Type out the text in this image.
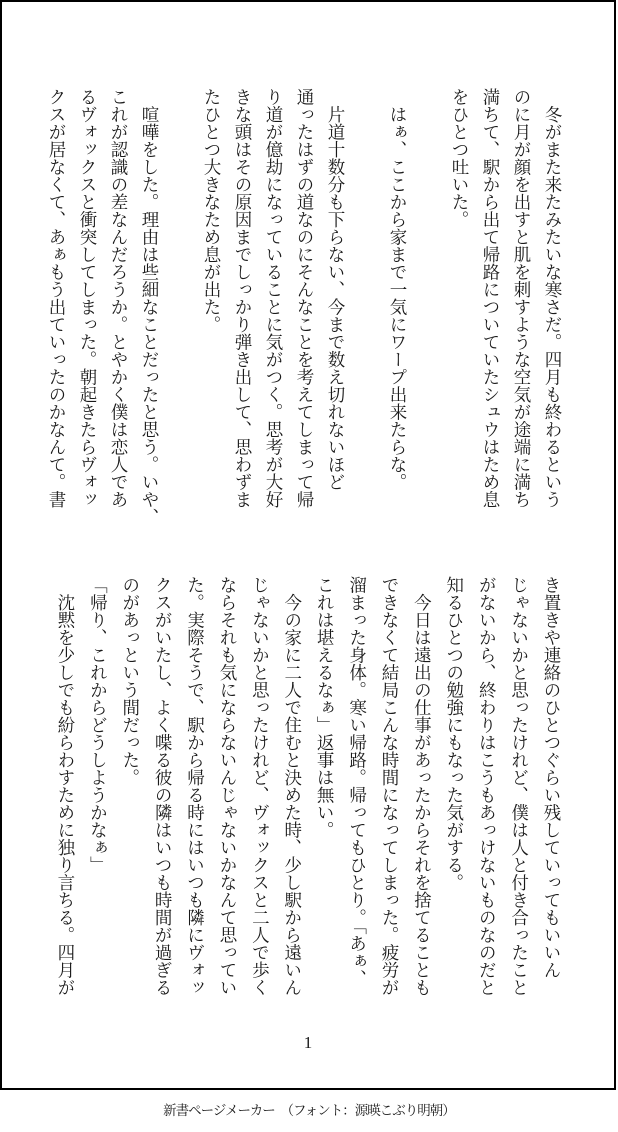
　冬がまた来たみたいな寒さだ。四月も終わるという

のに月が顔を出すと肌を刺すような空気が途端に満ち

満ちて、駅から出て帰路についていたシュウはため息

をひとつ吐いた。

　はぁ、ここから家まで一気にワープ出来たらな。

　片道十数分も下らない、今まで数え切れないほど

通ったはずの道なのにそんなことを考えてしまって帰

り道が億劫になっていることに気がつく。思考が大好

きな頭はその原因までしっかり弾き出して、思わずま

たひとつ大きなため息が出た。

　喧嘩をした。理由は些細なことだったと思う。いや、

これが認識の差なんだろうか。とやかく僕は恋人であ

るヴォックスと衝突してしまった。朝起きたらヴォッ

クスが居なくて、あぁもう出ていったのかなんて。書

き置きや連絡のひとつぐらい残していってもいいん

じゃないかと思ったけれど、僕は人と付き合ったこと

がないから、終わりはこうもあっけないものなのだと

知るひとつの勉強にもなった気がする。

　今日は遠出の仕事があったからそれを捨てることも

できなくて結局こんな時間になってしまった。疲労が

溜まった身体。寒い帰路。帰ってもひとり。「あぁ、

これは堪えるなぁ」返事は無い。

　今の家に二人で住むと決めた時、少し駅から遠いん

じゃないかと思ったけれど、ヴォックスと二人で歩く

ならそれも気にならないんじゃないかなんて思ってい

た。実際そうで、駅から帰る時にはいつも隣にヴォッ

クスがいたし、よく喋る彼の隣はいつも時間が過ぎる

のがあっという間だった。

「帰り、これからどうしようかなぁ」

　沈黙を少しでも紛らわすために独り言ちる。四月が

1
新書ページメーカー　（フォント：源暎こぶり明朝）
